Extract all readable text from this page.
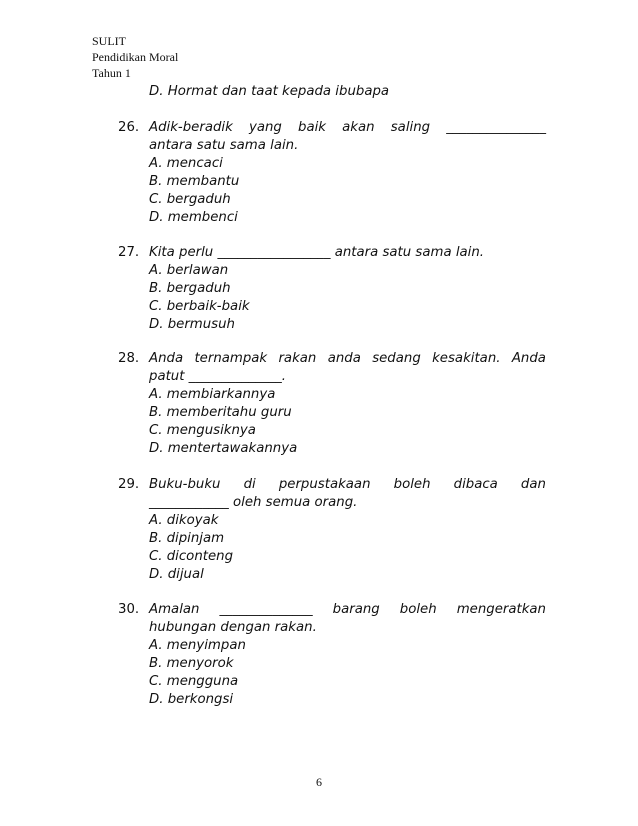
SULIT
Pendidikan Moral
Tahun 1
D. Hormat dan taat kepada ibubapa
26. Adik-beradik yang baik akan saling _______________
antara satu sama lain.
A. mencaci
B. membantu
C. bergaduh
D. membenci
27. Kita perlu _________________ antara satu sama lain.
A. berlawan
B. bergaduh
C. berbaik-baik
D. bermusuh
28. Anda ternampak rakan anda sedang kesakitan. Anda
patut ______________.
A. membiarkannya
B. memberitahu guru
C. mengusiknya
D. mentertawakannya
29. Buku-buku di perpustakaan boleh dibaca dan
____________ oleh semua orang.
A. dikoyak
B. dipinjam
C. diconteng
D. dijual
30. Amalan ______________ barang boleh mengeratkan
hubungan dengan rakan.
A. menyimpan
B. menyorok
C. mengguna
D. berkongsi
6
